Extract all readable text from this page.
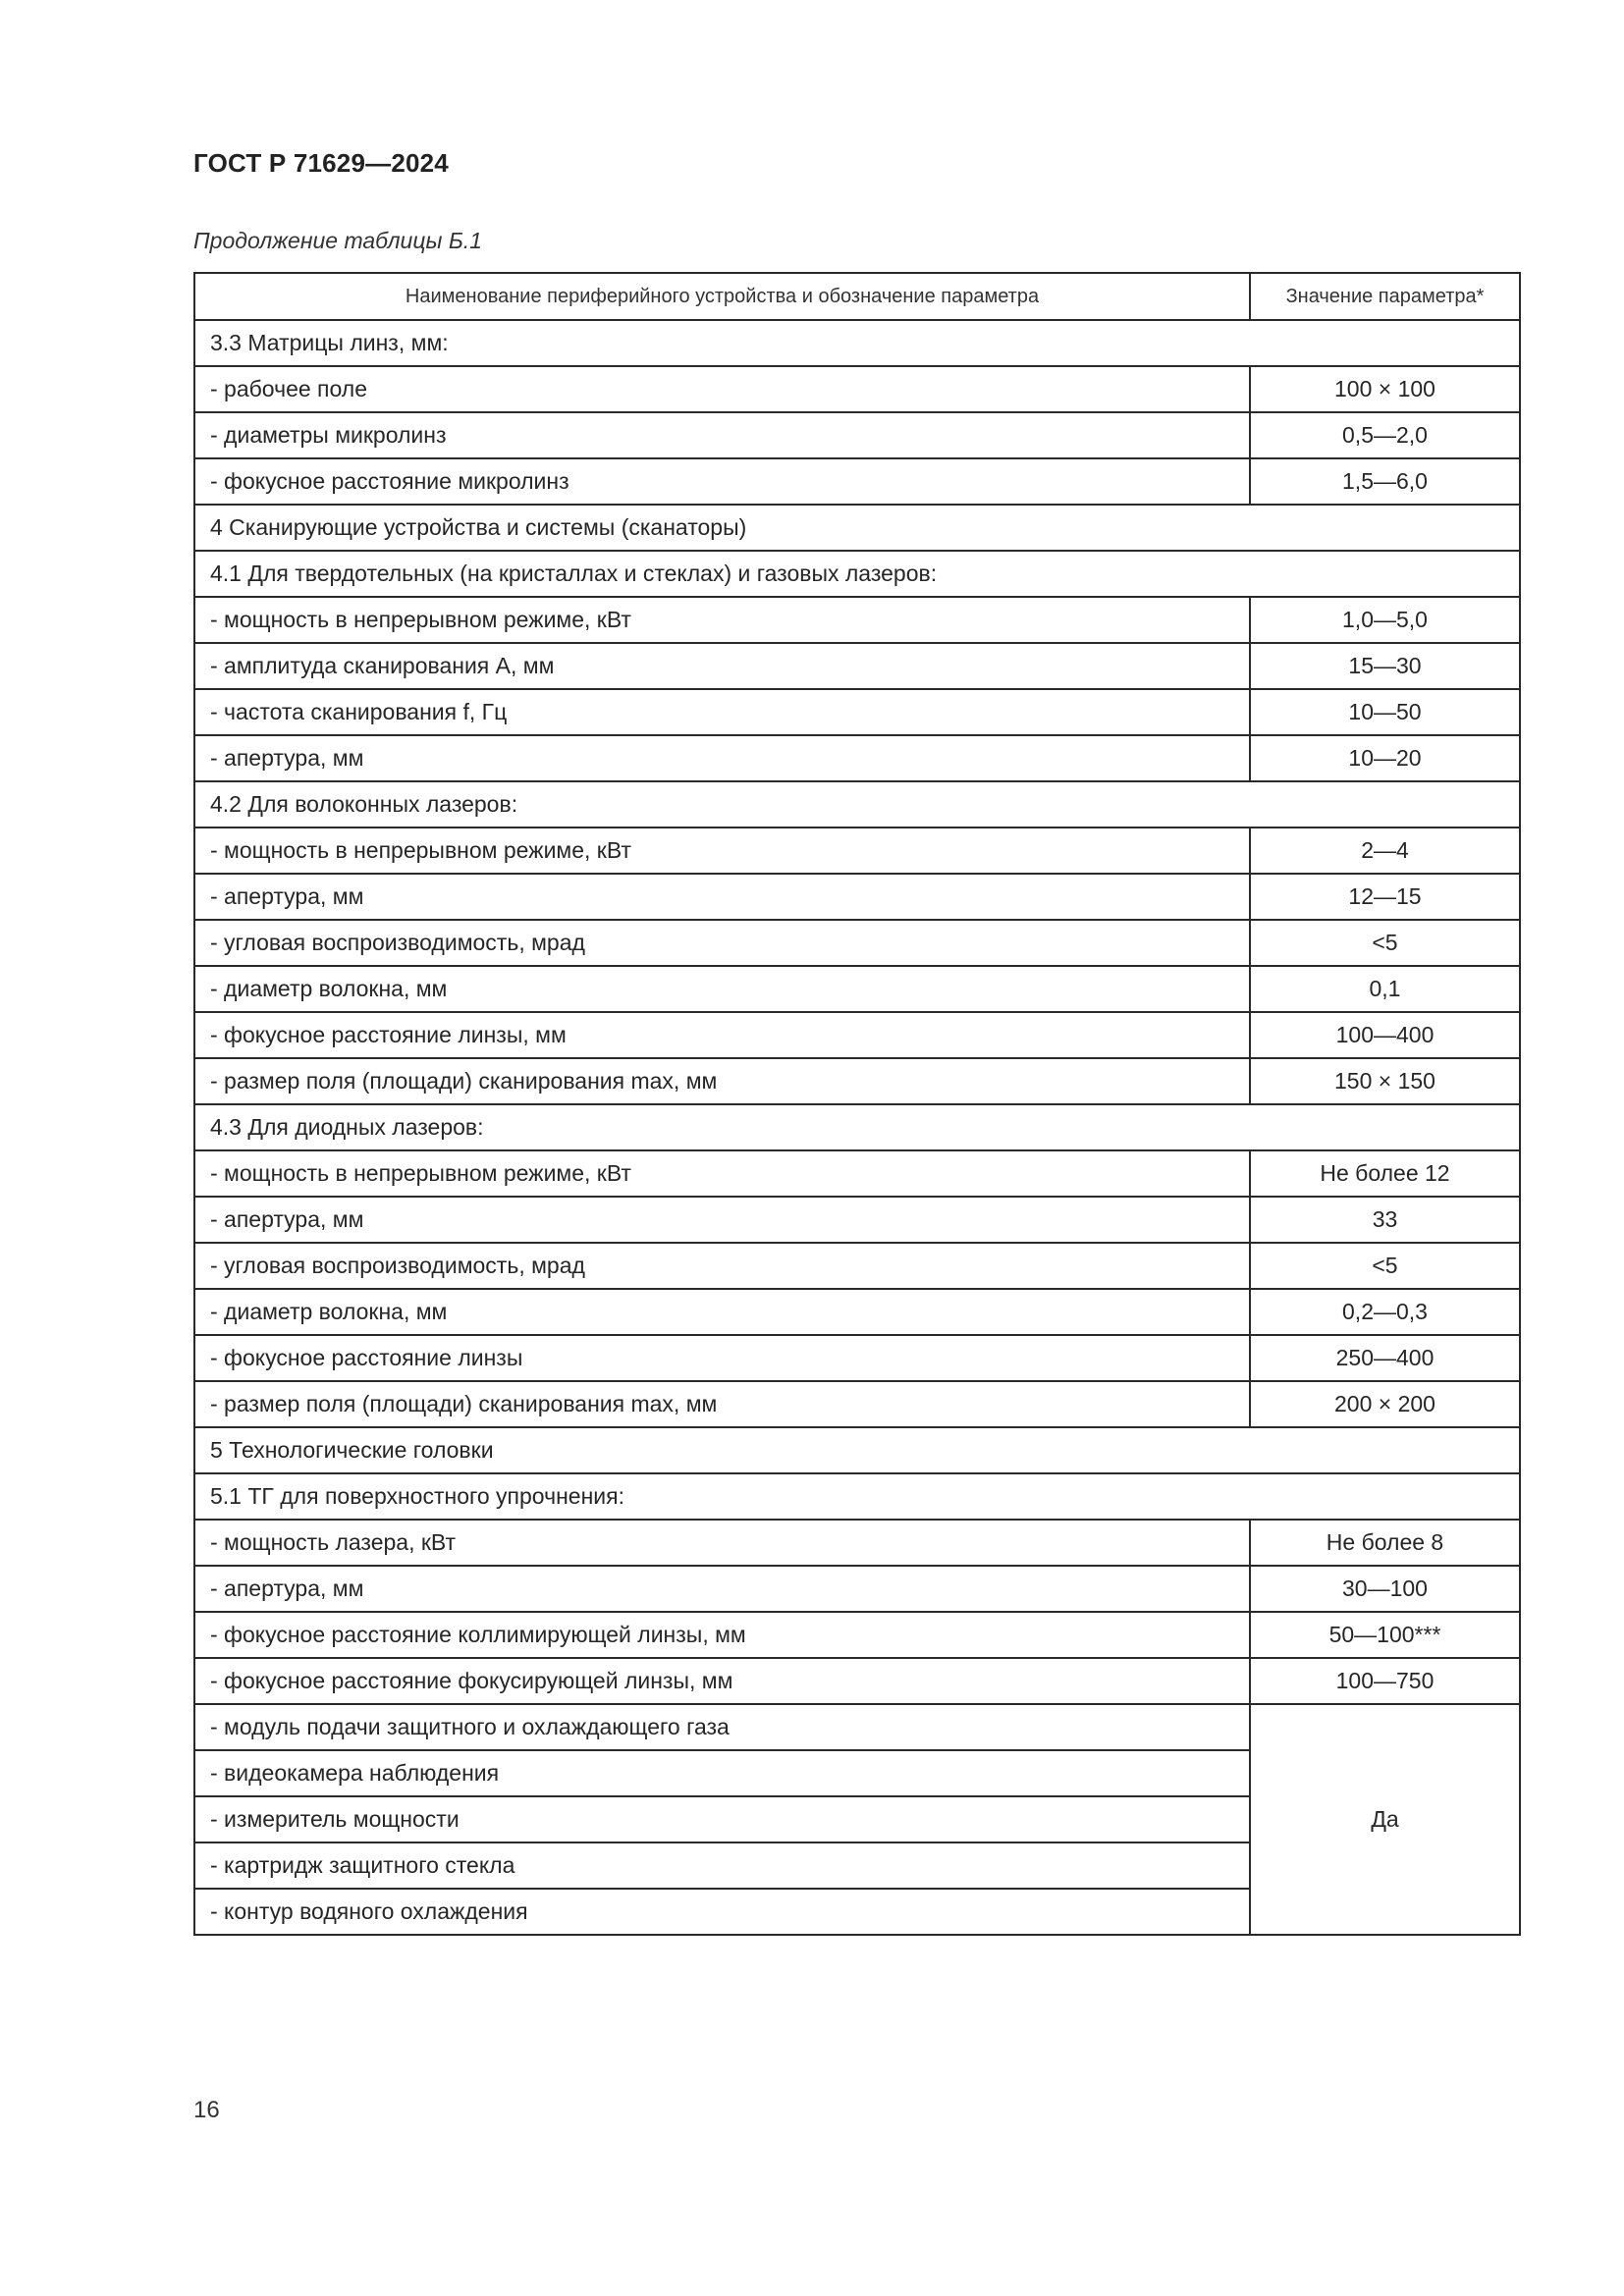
ГОСТ Р 71629—2024
Продолжение таблицы Б.1
Наименование периферийного устройства и обозначение параметра	Значение параметра*
3.3 Матрицы линз, мм:	
- рабочее поле	100 × 100
- диаметры микролинз	0,5—2,0
- фокусное расстояние микролинз	1,5—6,0
4 Сканирующие устройства и системы (сканаторы)	
4.1 Для твердотельных (на кристаллах и стеклах) и газовых лазеров:	
- мощность в непрерывном режиме, кВт	1,0—5,0
- амплитуда сканирования А, мм	15—30
- частота сканирования f, Гц	10—50
- апертура, мм	10—20
4.2 Для волоконных лазеров:	
- мощность в непрерывном режиме, кВт	2—4
- апертура, мм	12—15
- угловая воспроизводимость, мрад	<5
- диаметр волокна, мм	0,1
- фокусное расстояние линзы, мм	100—400
- размер поля (площади) сканирования max, мм	150 × 150
4.3 Для диодных лазеров:	
- мощность в непрерывном режиме, кВт	Не более 12
- апертура, мм	33
- угловая воспроизводимость, мрад	<5
- диаметр волокна, мм	0,2—0,3
- фокусное расстояние линзы	250—400
- размер поля (площади) сканирования max, мм	200 × 200
5 Технологические головки	
5.1 ТГ для поверхностного упрочнения:	
- мощность лазера, кВт	Не более 8
- апертура, мм	30—100
- фокусное расстояние коллимирующей линзы, мм	50—100***
- фокусное расстояние фокусирующей линзы, мм	100—750
- модуль подачи защитного и охлаждающего газа	Да
- видеокамера наблюдения	
- измеритель мощности	
- картридж защитного стекла	
- контур водяного охлаждения	
16
